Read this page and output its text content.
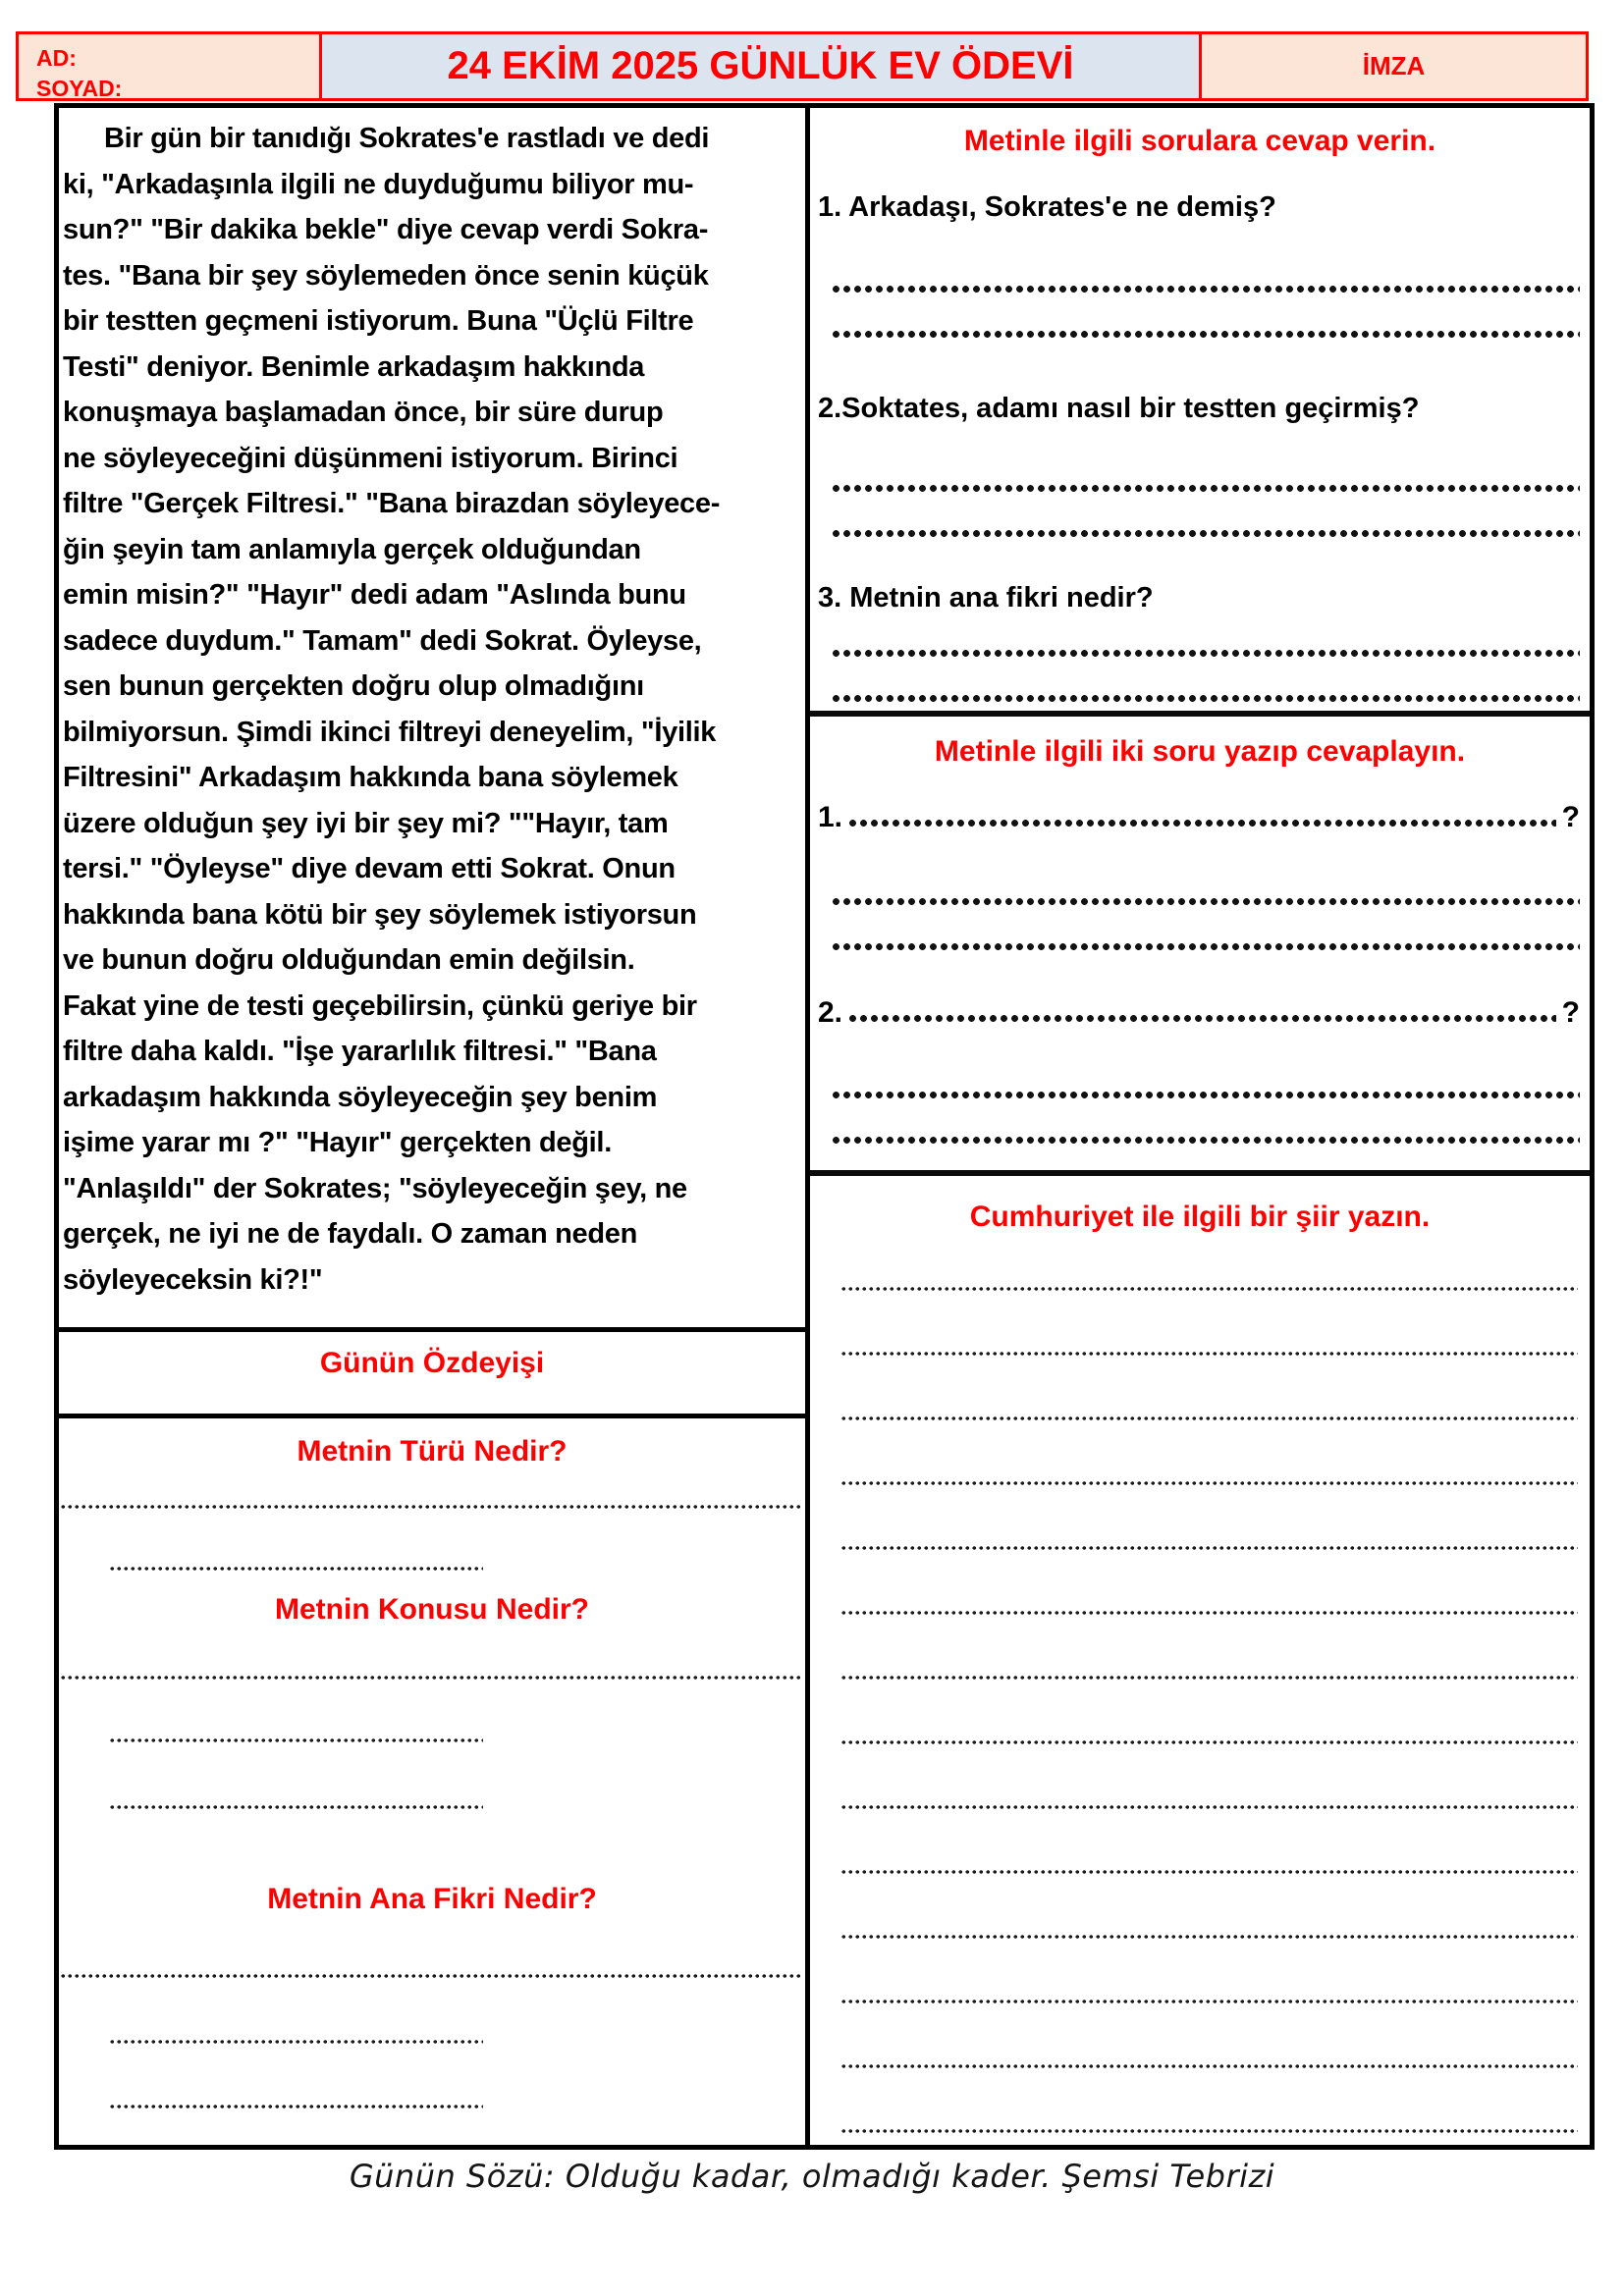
AD:
SOYAD:
24 EKİM 2025 GÜNLÜK EV ÖDEVİ	İMZA
Bir gün bir tanıdığı Sokrates'e rastladı ve dedi
ki, "Arkadaşınla ilgili ne duyduğumu biliyor mu-
sun?" "Bir dakika bekle" diye cevap verdi Sokra-
tes. "Bana bir şey söylemeden önce senin küçük
bir testten geçmeni istiyorum. Buna "Üçlü Filtre
Testi" deniyor. Benimle arkadaşım hakkında
konuşmaya başlamadan önce, bir süre durup
ne söyleyeceğini düşünmeni istiyorum. Birinci
filtre "Gerçek Filtresi." "Bana birazdan söyleyece-
ğin şeyin tam anlamıyla gerçek olduğundan
emin misin?" "Hayır" dedi adam "Aslında bunu
sadece duydum." Tamam" dedi Sokrat. Öyleyse,
sen bunun gerçekten doğru olup olmadığını
bilmiyorsun. Şimdi ikinci filtreyi deneyelim, "İyilik
Filtresini" Arkadaşım hakkında bana söylemek
üzere olduğun şey iyi bir şey mi? ""Hayır, tam
tersi." "Öyleyse" diye devam etti Sokrat. Onun
hakkında bana kötü bir şey söylemek istiyorsun
ve bunun doğru olduğundan emin değilsin.
Fakat yine de testi geçebilirsin, çünkü geriye bir
filtre daha kaldı. "İşe yararlılık filtresi." "Bana
arkadaşım hakkında söyleyeceğin şey benim
işime yarar mı ?" "Hayır" gerçekten değil.
"Anlaşıldı" der Sokrates; "söyleyeceğin şey, ne
gerçek, ne iyi ne de faydalı. O zaman neden
söyleyeceksin ki?!"
Günün Özdeyişi
Metnin Türü Nedir?
Metnin Konusu Nedir?
Metnin Ana Fikri Nedir?
Metinle ilgili sorulara cevap verin.
1. Arkadaşı, Sokrates'e ne demiş?
2.Soktates, adamı nasıl bir testten geçirmiş?
3. Metnin ana fikri nedir?
Metinle ilgili iki soru yazıp cevaplayın.
1.	?
2.	?
Cumhuriyet ile ilgili bir şiir yazın.
Günün Sözü: Olduğu kadar, olmadığı kader. Şemsi Tebrizi
